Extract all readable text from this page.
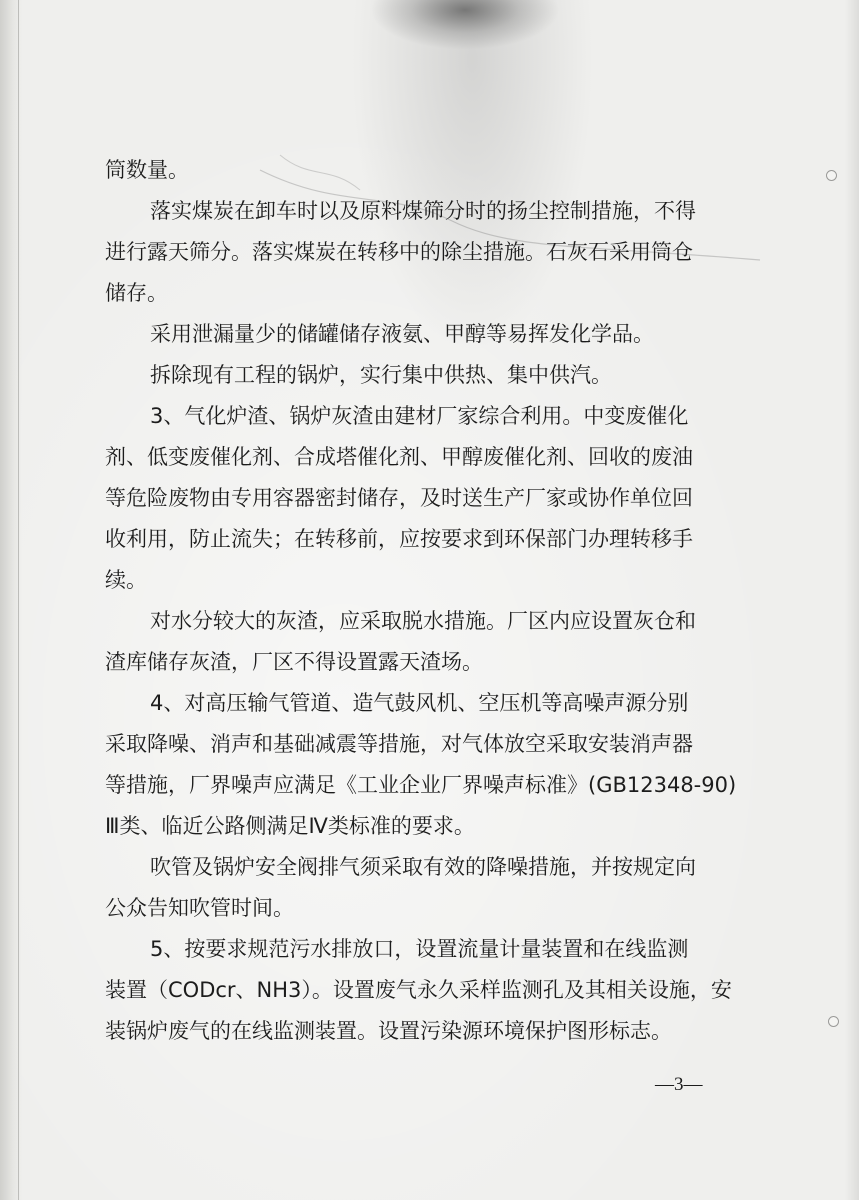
筒数量。
落实煤炭在卸车时以及原料煤筛分时的扬尘控制措施，不得
进行露天筛分。落实煤炭在转移中的除尘措施。石灰石采用筒仓
储存。
采用泄漏量少的储罐储存液氨、甲醇等易挥发化学品。
拆除现有工程的锅炉，实行集中供热、集中供汽。
3、气化炉渣、锅炉灰渣由建材厂家综合利用。中变废催化
剂、低变废催化剂、合成塔催化剂、甲醇废催化剂、回收的废油
等危险废物由专用容器密封储存，及时送生产厂家或协作单位回
收利用，防止流失；在转移前，应按要求到环保部门办理转移手
续。
对水分较大的灰渣，应采取脱水措施。厂区内应设置灰仓和
渣库储存灰渣，厂区不得设置露天渣场。
4、对高压输气管道、造气鼓风机、空压机等高噪声源分别
采取降噪、消声和基础减震等措施，对气体放空采取安装消声器
等措施，厂界噪声应满足《工业企业厂界噪声标准》(GB12348-90)
Ⅲ类、临近公路侧满足Ⅳ类标准的要求。
吹管及锅炉安全阀排气须采取有效的降噪措施，并按规定向
公众告知吹管时间。
5、按要求规范污水排放口，设置流量计量装置和在线监测
装置（CODcr、NH3）。设置废气永久采样监测孔及其相关设施，安
装锅炉废气的在线监测装置。设置污染源环境保护图形标志。
—3—
